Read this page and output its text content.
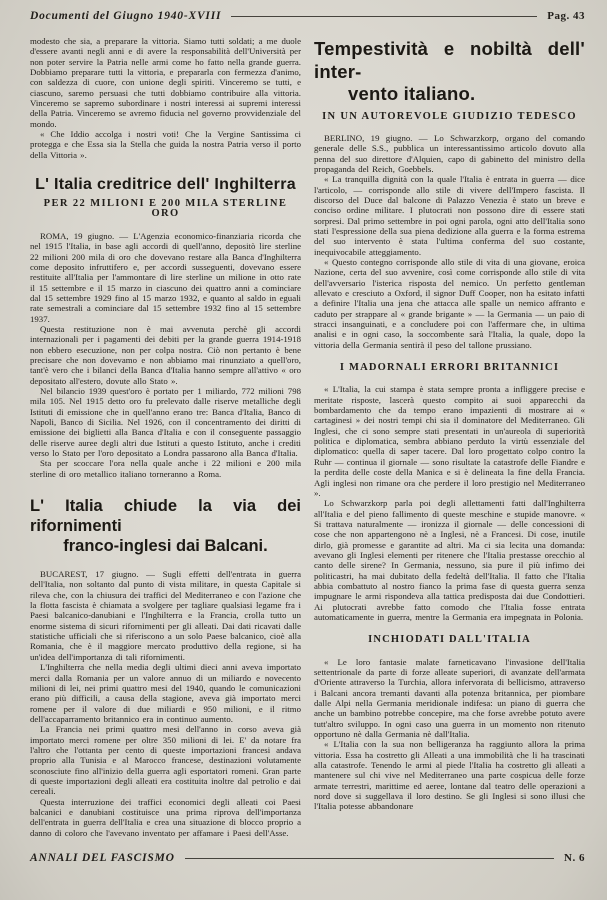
Documenti del Giugno 1940-XVIII	Pag. 43

modesto che sia, a preparare la vittoria. Siamo tutti soldati; a me duole d'essere avanti negli anni e di avere la responsabilità dell'Università per non poter servire la Patria nelle armi come ho fatto nella grande guerra. Dobbiamo preparare tutti la vittoria, e prepararla con fermezza d'animo, con saldezza di cuore, con unione degli spiriti. Vinceremo se tutti, e ciascuno, saremo persuasi che tutti dobbiamo contribuire alla vittoria. Vinceremo se sapremo subordinare i nostri interessi ai supremi interessi della Patria. Vinceremo se avremo fiducia nel governo provvidenziale del mondo.

« Che Iddio accolga i nostri voti! Che la Vergine Santissima ci protegga e che Essa sia la Stella che guida la nostra Patria verso il porto della Vittoria ».

L' Italia creditrice dell' Inghilterra
PER 22 MILIONI E 200 MILA STERLINE ORO

ROMA, 19 giugno. — L'Agenzia economico-finanziaria ricorda che nel 1915 l'Italia, in base agli accordi di quell'anno, depositò lire sterline 22 milioni 200 mila di oro che dovevano restare alla Banca d'Inghilterra come deposito infruttifero e, per accordi susseguenti, dovevano essere restituite all'Italia per l'ammontare di lire sterline un milione in otto rate il 15 settembre e il 15 marzo in ciascuno dei quattro anni a cominciare dal 15 settembre 1929 fino al 15 marzo 1932, e quanto al saldo in eguali rate semestrali a cominciare dal 15 settembre 1932 fino al 15 settembre 1937.

Questa restituzione non è mai avvenuta perchè gli accordi internazionali per i pagamenti dei debiti per la grande guerra 1914-1918 non ebbero esecuzione, non per colpa nostra. Ciò non pertanto è bene precisare che non dovevamo e non abbiamo mai rinunziato a quell'oro, tant'è vero che i bilanci della Banca d'Italia hanno sempre all'attivo « oro depositato all'estero, dovute allo Stato ».

Nel bilancio 1939 quest'oro è portato per 1 miliardo, 772 milioni 798 mila 105. Nel 1915 detto oro fu prelevato dalle riserve metalliche degli Istituti di emissione che in quell'anno erano tre: Banca d'Italia, Banco di Napoli, Banco di Sicilia. Nel 1926, con il concentramento dei diritti di emissione dei biglietti alla Banca d'Italia e con il conseguente passaggio delle riserve auree degli altri due Istituti a questo Istituto, anche i crediti verso lo Stato per l'oro depositato a Londra passarono alla Banca d'Italia.

Sta per scoccare l'ora nella quale anche i 22 milioni e 200 mila sterline di oro metallico italiano torneranno a Roma.

L' Italia chiude la via dei rifornimenti
franco-inglesi dai Balcani.

BUCAREST, 17 giugno. — Sugli effetti dell'entrata in guerra dell'Italia, non soltanto dal punto di vista militare, in questa Capitale si rileva che, con la chiusura dei traffici del Mediterraneo e con l'azione che la flotta fascista è chiamata a svolgere per tagliare qualsiasi legame fra i Paesi balcanico-danubiani e l'Inghilterra e la Francia, crolla tutto un enorme sistema di sicuri rifornimenti per gli alleati. Dai dati ricavati dalle statistiche ufficiali che si riferiscono a un solo Paese balcanico, cioè alla Romania, che è il maggiore mercato produttivo della regione, si ha un'idea dell'importanza di tali rifornimenti.

L'Inghilterra che nella media degli ultimi dieci anni aveva importato merci dalla Romania per un valore annuo di un miliardo e novecento milioni di lei, nei primi quattro mesi del 1940, quando le comunicazioni erano più difficili, a causa della stagione, aveva già importato merci romene per il valore di due miliardi e 950 milioni, e il ritmo dell'accaparramento britannico era in continuo aumento.

La Francia nei primi quattro mesi dell'anno in corso aveva già importato merci romene per oltre 350 milioni di lei. E' da notare fra l'altro che l'ottanta per cento di queste importazioni francesi andava proprio alla Tunisia e al Marocco francese, destinazioni volutamente sconosciute fino all'inizio della guerra agli esportatori romeni. Gran parte di queste importazioni degli alleati era costituita inoltre dal petrolio e dai cereali.

Questa interruzione dei traffici economici degli alleati coi Paesi balcanici e danubiani costituisce una prima riprova dell'importanza dell'entrata in guerra dell'Italia e crea una situazione di blocco proprio a danno di coloro che l'avevano inventato per affamare i Paesi dell'Asse.

Tempestività e nobiltà dell' inter-
vento italiano.
IN UN AUTOREVOLE GIUDIZIO TEDESCO

BERLINO, 19 giugno. — Lo Schwarzkorp, organo del comando generale delle S.S., pubblica un interessantissimo articolo dovuto alla penna del suo direttore d'Alquien, capo di gabinetto del ministro della propaganda del Reich, Goebbels.

« La tranquilla dignità con la quale l'Italia è entrata in guerra — dice l'articolo, — corrisponde allo stile di vivere dell'Impero fascista. Il discorso del Duce dal balcone di Palazzo Venezia è stato un breve e conciso ordine militare. I plutocrati non possono dire di essere stati sorpresi. Dal primo settembre in poi ogni parola, ogni atto dell'Italia sono stati l'espressione della sua piena dedizione alla guerra e la forma estrema del suo intervento è stata l'ultima conferma del suo costante, inequivocabile atteggiamento.

« Questo contegno corrisponde allo stile di vita di una giovane, eroica Nazione, certa del suo avvenire, così come corrisponde allo stile di vita dell'avversario l'isterica risposta del nemico. Un perfetto gentleman allevato e cresciuto a Oxford, il signor Duff Cooper, non ha esitato infatti a definire l'Italia una jena che attacca alle spalle un nemico affranto e caduto per strappare al « grande brigante » — la Germania — un paio di stracci insanguinati, e a concludere poi con l'affermare che, in ultima analisi e in ogni caso, la soccombente sarà l'Italia, la quale, dopo la vittoria della Germania sentirà il peso del tallone prussiano.

I MADORNALI ERRORI BRITANNICI

« L'Italia, la cui stampa è stata sempre pronta a infliggere precise e meritate risposte, lascerà questo compito ai suoi apparecchi da bombardamento che da tempo erano impazienti di mostrare ai « cartaginesi » dei nostri tempi chi sia il dominatore del Mediterraneo. Gli Inglesi, che ci sono sempre stati presentati in un'aureola di superiorità politica e diplomatica, sembra abbiano perduto la virtù essenziale del diplomatico: quella di saper tacere. Dal loro progettato colpo contro la Ruhr — continua il giornale — sono risultate la catastrofe delle Fiandre e la perdita delle coste della Manica e si è delineata la fine della Francia. Agli inglesi non rimane ora che perdere il loro prestigio nel Mediterraneo ».

Lo Schwarzkorp parla poi degli allettamenti fatti dall'Inghilterra all'Italia e del pieno fallimento di queste meschine e stupide manovre. « Si trattava naturalmente — ironizza il giornale — delle concessioni di cose che non appartengono nè a Inglesi, nè a Francesi. Di cose, inutile dirlo, già promesse e garantite ad altri. Ma ci sia lecita una domanda: avevano gli Inglesi elementi per ritenere che l'Italia prestasse orecchio al canto delle sirene? In Germania, nessuno, sia pure il più infimo dei politicastri, ha mai dubitato della fedeltà dell'Italia. Il fatto che l'Italia abbia combattuto al nostro fianco la prima fase di questa guerra senza impugnare le armi rispondeva alla tattica predisposta dai due Condottieri. Ai plutocrati avrebbe fatto comodo che l'Italia fosse entrata automaticamente in guerra, mentre la Germania era impegnata in Polonia.

INCHIODATI DALL'ITALIA

« Le loro fantasie malate farneticavano l'invasione dell'Italia settentrionale da parte di forze alleate superiori, di avanzate dell'armata d'Oriente attraverso la Turchia, allora infervorata di bellicismo, attraverso i Balcani ancora tremanti davanti alla potenza britannica, per piombare dalle Alpi nella Germania meridionale indifesa: un piano di guerra che anche un bambino potrebbe concepire, ma che forse avrebbe potuto avere tutt'altro sviluppo. In ogni caso una guerra in un momento non ritenuto opportuno nè dalla Germania nè dall'Italia.

« L'Italia con la sua non belligeranza ha raggiunto allora la prima vittoria. Essa ha costretto gli Alleati a una immobilità che li ha trascinati alla catastrofe. Tenendo le armi al piede l'Italia ha costretto gli alleati a mantenere sul chi vive nel Mediterraneo una parte cospicua delle forze armate terrestri, marittime ed aeree, lontane dal teatro delle operazioni a nord dove si suggellava il loro destino. Se gli Inglesi si sono illusi che l'Italia potesse abbandonare

ANNALI DEL FASCISMO	N. 6
